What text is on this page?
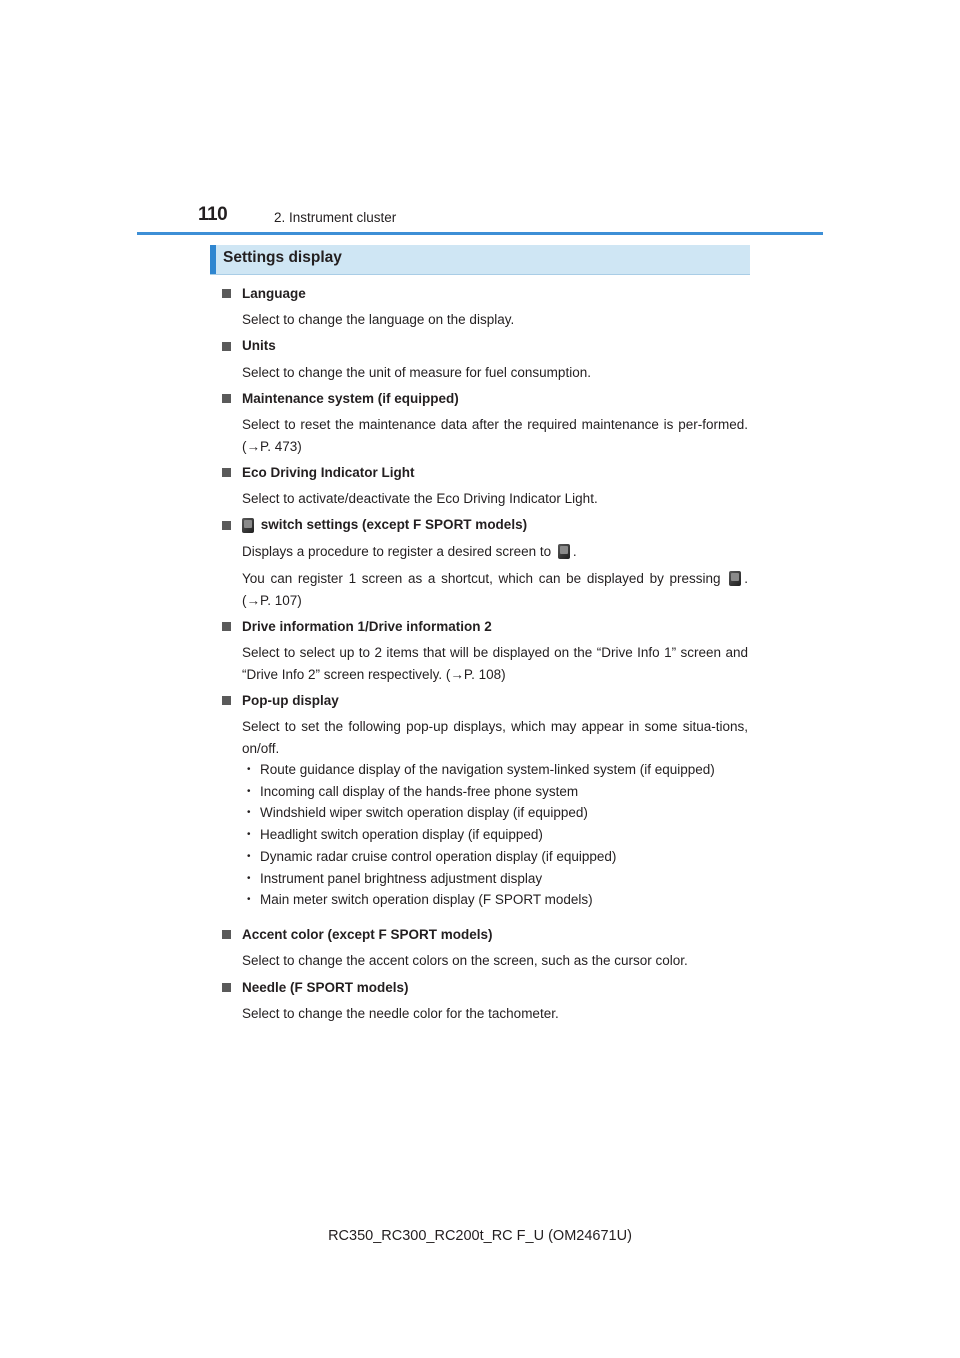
110	2. Instrument cluster
Settings display
Language
Select to change the language on the display.
Units
Select to change the unit of measure for fuel consumption.
Maintenance system (if equipped)
Select to reset the maintenance data after the required maintenance is per-formed. (→P. 473)
Eco Driving Indicator Light
Select to activate/deactivate the Eco Driving Indicator Light.

switch settings (except F SPORT models)
Displays a procedure to register a desired screen to .
You can register 1 screen as a shortcut, which can be displayed by pressing . (→P. 107)
Drive information 1/Drive information 2
Select to select up to 2 items that will be displayed on the “Drive Info 1” screen and “Drive Info 2” screen respectively. (→P. 108)
Pop-up display
Select to set the following pop-up displays, which may appear in some situa-tions, on/off.
• Route guidance display of the navigation system-linked system (if equipped)
• Incoming call display of the hands-free phone system
• Windshield wiper switch operation display (if equipped)
• Headlight switch operation display (if equipped)
• Dynamic radar cruise control operation display (if equipped)
• Instrument panel brightness adjustment display
• Main meter switch operation display (F SPORT models)
Accent color (except F SPORT models)
Select to change the accent colors on the screen, such as the cursor color.
Needle (F SPORT models)
Select to change the needle color for the tachometer.
RC350_RC300_RC200t_RC F_U (OM24671U)
